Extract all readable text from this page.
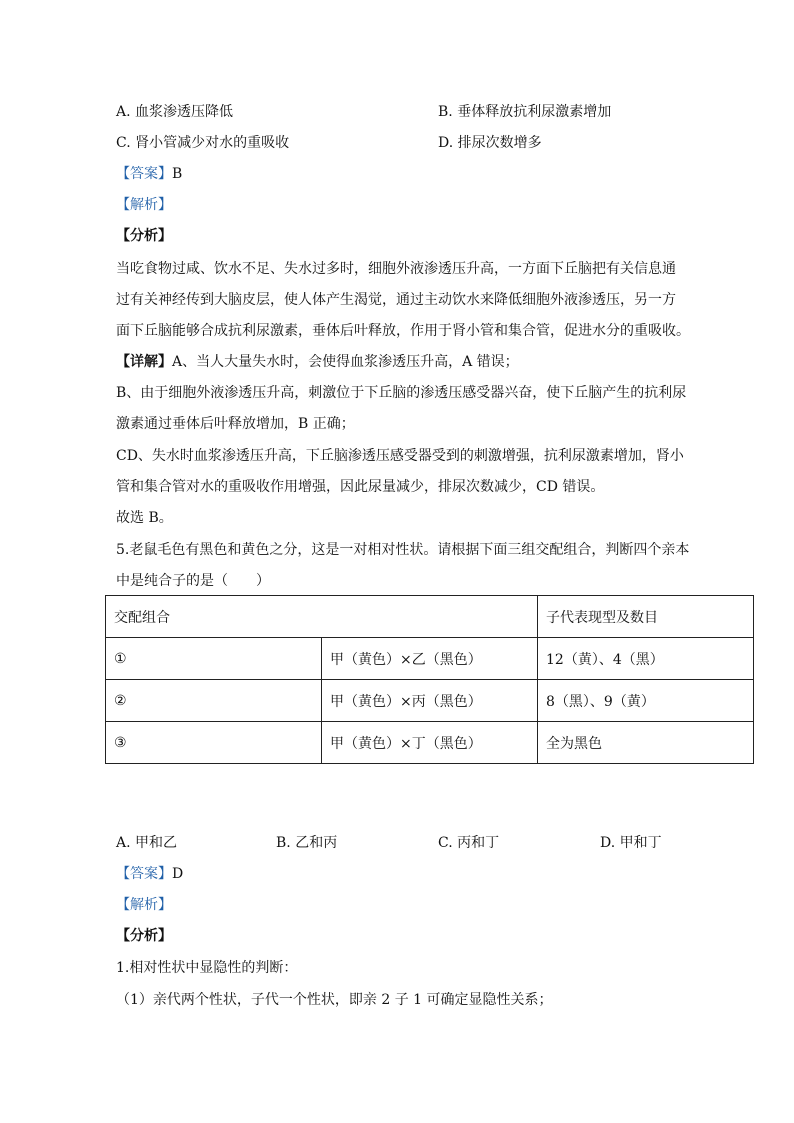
A. 血浆渗透压降低	B. 垂体释放抗利尿激素增加
C. 肾小管减少对水的重吸收	D. 排尿次数增多
【答案】B
【解析】
【分析】
当吃食物过咸、饮水不足、失水过多时，细胞外液渗透压升高，一方面下丘脑把有关信息通
过有关神经传到大脑皮层，使人体产生渴觉，通过主动饮水来降低细胞外液渗透压，另一方
面下丘脑能够合成抗利尿激素，垂体后叶释放，作用于肾小管和集合管，促进水分的重吸收。
【详解】A、当人大量失水时，会使得血浆渗透压升高，A 错误；
B、由于细胞外液渗透压升高，刺激位于下丘脑的渗透压感受器兴奋，使下丘脑产生的抗利尿
激素通过垂体后叶释放增加，B 正确；
CD、失水时血浆渗透压升高，下丘脑渗透压感受器受到的刺激增强，抗利尿激素增加，肾小
管和集合管对水的重吸收作用增强，因此尿量减少，排尿次数减少，CD 错误。
故选 B。
5.老鼠毛色有黑色和黄色之分，这是一对相对性状。请根据下面三组交配组合，判断四个亲本
中是纯合子的是（　　）
交配组合		子代表现型及数目
①	甲（黄色）×乙（黑色）	12（黄）、4（黑）
②	甲（黄色）×丙（黑色）	8（黑）、9（黄）
③	甲（黄色）×丁（黑色）	全为黑色
A. 甲和乙	B. 乙和丙	C. 丙和丁	D. 甲和丁
【答案】D
【解析】
【分析】
1.相对性状中显隐性的判断：
（1）亲代两个性状，子代一个性状，即亲 2 子 1 可确定显隐性关系；
